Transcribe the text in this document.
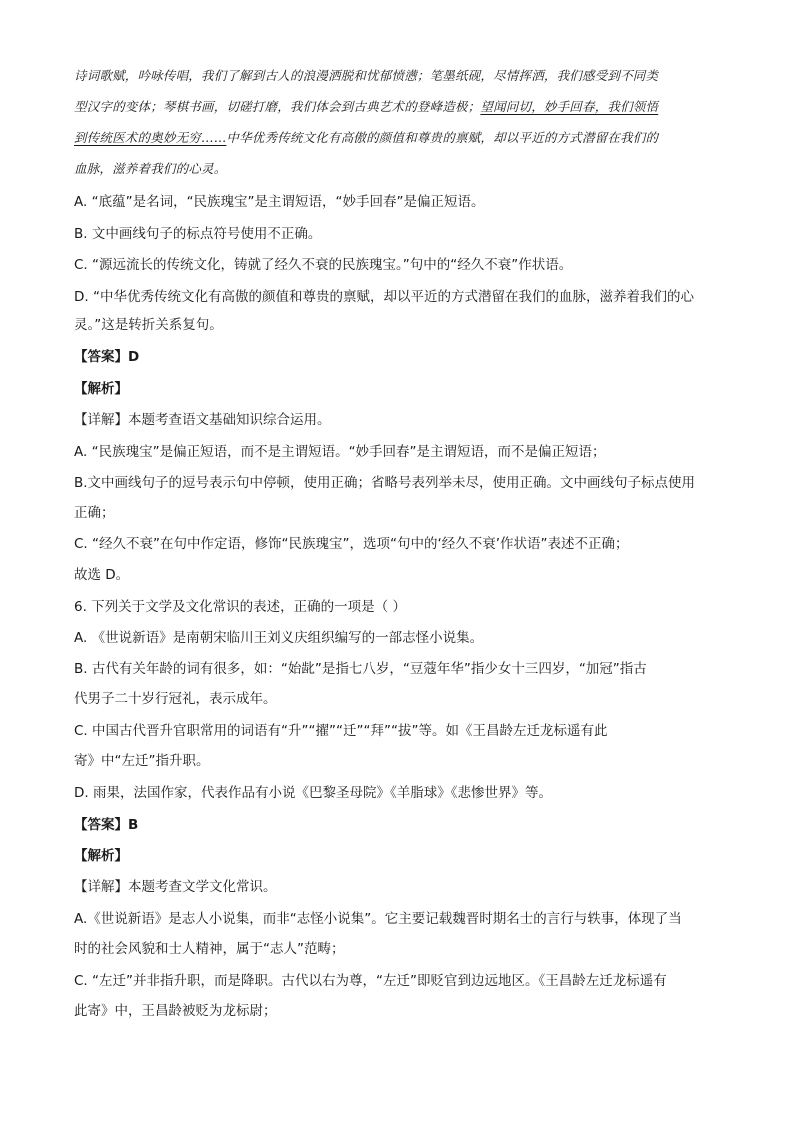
诗词歌赋，吟咏传唱，我们了解到古人的浪漫洒脱和忧郁愤懑；笔墨纸砚，尽情挥洒，我们感受到不同类
型汉字的变体；琴棋书画，切磋打磨，我们体会到古典艺术的登峰造极；望闻问切，妙手回春，我们领悟
到传统医术的奥妙无穷……中华优秀传统文化有高傲的颜值和尊贵的禀赋，却以平近的方式潜留在我们的
血脉，滋养着我们的心灵。
A. “底蕴”是名词，“民族瑰宝”是主谓短语，“妙手回春”是偏正短语。
B. 文中画线句子的标点符号使用不正确。
C. “源远流长的传统文化，铸就了经久不衰的民族瑰宝。”句中的“经久不衰”作状语。
D. “中华优秀传统文化有高傲的颜值和尊贵的禀赋，却以平近的方式潜留在我们的血脉，滋养着我们的心
灵。”这是转折关系复句。
【答案】D
【解析】
【详解】本题考查语文基础知识综合运用。
A. “民族瑰宝”是偏正短语，而不是主谓短语。“妙手回春”是主谓短语，而不是偏正短语；
B.文中画线句子的逗号表示句中停顿，使用正确；省略号表列举未尽，使用正确。文中画线句子标点使用
正确；
C. “经久不衰”在句中作定语，修饰“民族瑰宝”，选项“句中的‘经久不衰’作状语”表述不正确；
故选 D。
6. 下列关于文学及文化常识的表述，正确的一项是（ ）
A. 《世说新语》是南朝宋临川王刘义庆组织编写的一部志怪小说集。
B. 古代有关年龄的词有很多，如：“始龀”是指七八岁，“豆蔻年华”指少女十三四岁，“加冠”指古
代男子二十岁行冠礼，表示成年。
C. 中国古代晋升官职常用的词语有“升”“擢”“迁”“拜”“拔”等。如《王昌龄左迁龙标遥有此
寄》中“左迁”指升职。
D. 雨果，法国作家，代表作品有小说《巴黎圣母院》《羊脂球》《悲惨世界》等。
【答案】B
【解析】
【详解】本题考查文学文化常识。
A.《世说新语》是志人小说集，而非“志怪小说集”。它主要记载魏晋时期名士的言行与轶事，体现了当
时的社会风貌和士人精神，属于“志人”范畴；
C. “左迁”并非指升职，而是降职。古代以右为尊，“左迁”即贬官到边远地区。《王昌龄左迁龙标遥有
此寄》中，王昌龄被贬为龙标尉；
